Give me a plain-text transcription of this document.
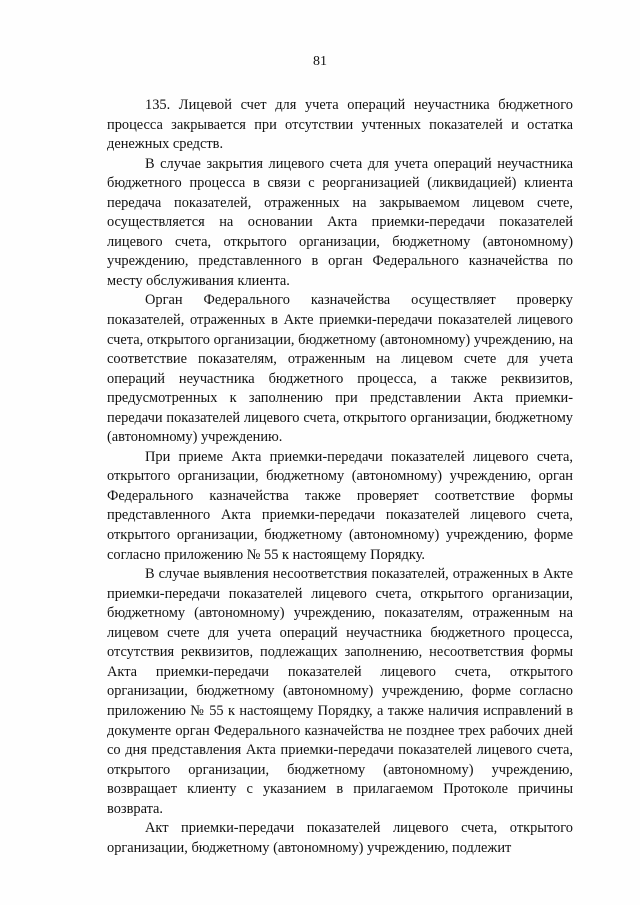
81

135. Лицевой счет для учета операций неучастника бюджетного процесса закрывается при отсутствии учтенных показателей и остатка денежных средств.

В случае закрытия лицевого счета для учета операций неучастника бюджетного процесса в связи с реорганизацией (ликвидацией) клиента передача показателей, отраженных на закрываемом лицевом счете, осуществляется на основании Акта приемки-передачи показателей лицевого счета, открытого организации, бюджетному (автономному) учреждению, представленного в орган Федерального казначейства по месту обслуживания клиента.

Орган Федерального казначейства осуществляет проверку показателей, отраженных в Акте приемки-передачи показателей лицевого счета, открытого организации, бюджетному (автономному) учреждению, на соответствие показателям, отраженным на лицевом счете для учета операций неучастника бюджетного процесса, а также реквизитов, предусмотренных к заполнению при представлении Акта приемки-передачи показателей лицевого счета, открытого организации, бюджетному (автономному) учреждению.

При приеме Акта приемки-передачи показателей лицевого счета, открытого организации, бюджетному (автономному) учреждению, орган Федерального казначейства также проверяет соответствие формы представленного Акта приемки-передачи показателей лицевого счета, открытого организации, бюджетному (автономному) учреждению, форме согласно приложению № 55 к настоящему Порядку.

В случае выявления несоответствия показателей, отраженных в Акте приемки-передачи показателей лицевого счета, открытого организации, бюджетному (автономному) учреждению, показателям, отраженным на лицевом счете для учета операций неучастника бюджетного процесса, отсутствия реквизитов, подлежащих заполнению, несоответствия формы Акта приемки-передачи показателей лицевого счета, открытого организации, бюджетному (автономному) учреждению, форме согласно приложению № 55 к настоящему Порядку, а также наличия исправлений в документе орган Федерального казначейства не позднее трех рабочих дней со дня представления Акта приемки-передачи показателей лицевого счета, открытого организации, бюджетному (автономному) учреждению, возвращает клиенту с указанием в прилагаемом Протоколе причины возврата.

Акт приемки-передачи показателей лицевого счета, открытого организации, бюджетному (автономному) учреждению, подлежит
